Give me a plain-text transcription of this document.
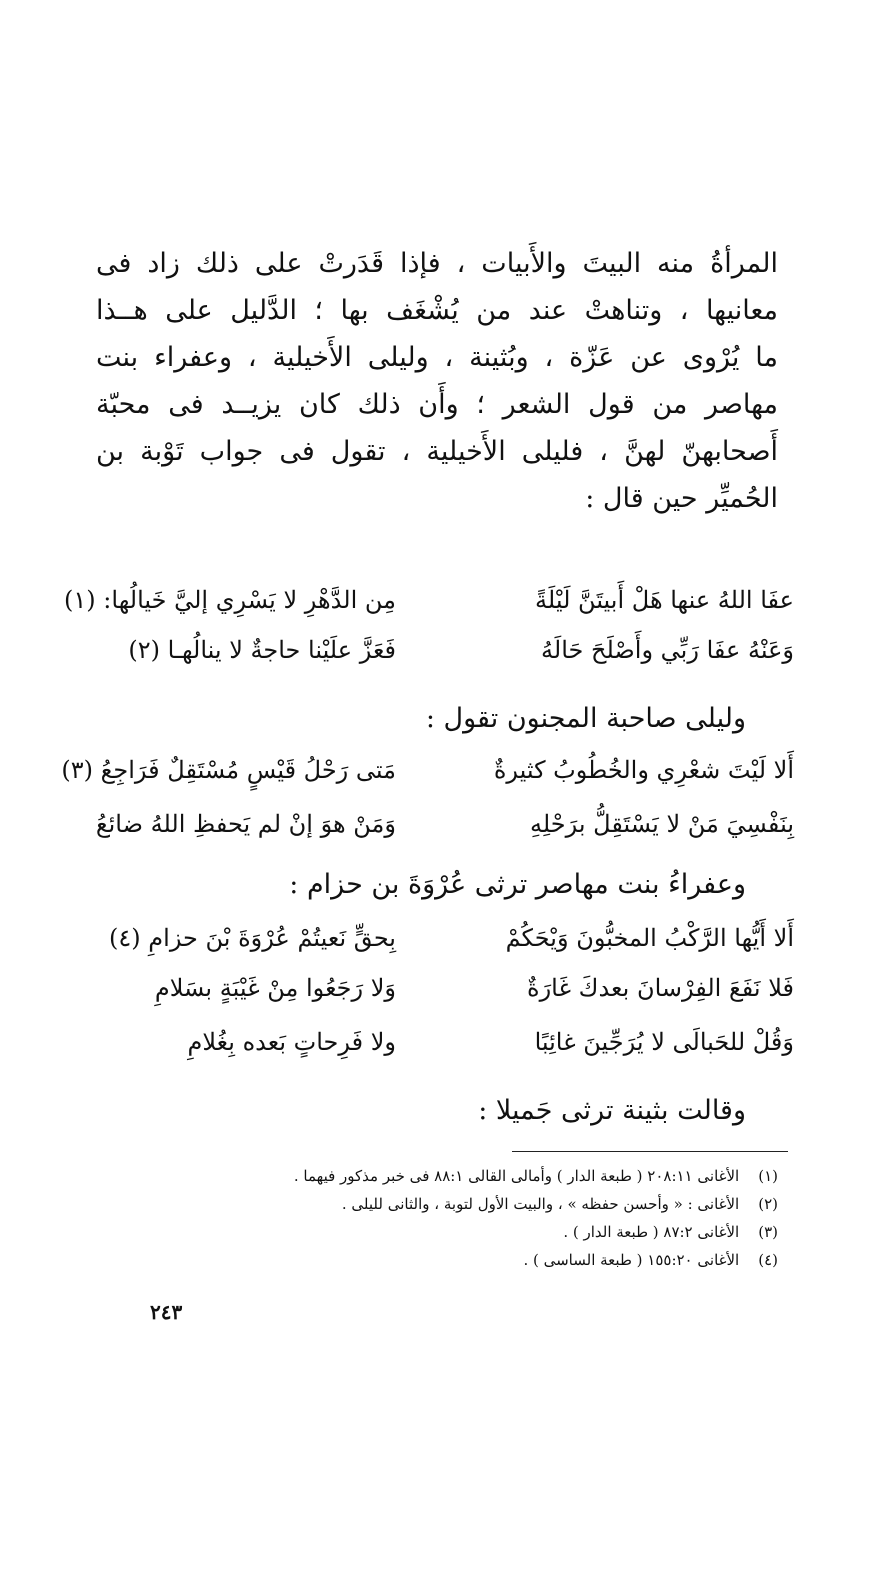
المرأةُ منه البيتَ والأَبيات ، فإذا قَدَرتْ على ذلك زاد فى
معانيها ، وتناهتْ عند من يُشْغَف بها ؛ الدَّليل على هــذا
ما يُرْوى عن عَزّة ، وبُثينة ، وليلى الأَخيلية ، وعفراء بنت
مهاصر من قول الشعر ؛ وأَن ذلك كان يزيــد فى محبّة
أَصحابهنّ لهنَّ ، فليلى الأَخيلية ، تقول فى جواب تَوْبة بن
الحُميِّر حين قال :
عفَا اللهُ عنها هَلْ أَبيتَنَّ لَيْلَةً
مِن الدَّهْرِ لا يَسْرِي إليَّ خَيالُها: (١)
وَعَنْهُ عفَا رَبِّي وأَصْلَحَ حَالَهُ
فَعَزَّ علَيْنا حاجةٌ لا ينالُهـا (٢)
وليلى صاحبة المجنون تقول :
أَلا لَيْتَ شعْرِي والخُطُوبُ كثيرةٌ
مَتى رَحْلُ قَيْسٍ مُسْتَقِلٌ فَرَاجِعُ (٣)
بِنَفْسِيَ مَنْ لا يَسْتَقِلُّ برَحْلِهِ
وَمَنْ هوَ إنْ لم يَحفظِ اللهُ ضائعُ
وعفراءُ بنت مهاصر ترثى عُرْوَةَ بن حزام :
أَلا أَيُّها الرَّكْبُ المخبُّونَ وَيْحَكُمْ
بِحقٍّ نَعيتُمْ عُرْوَةَ بْنَ حزامِ (٤)
فَلا نَفَعَ الفِرْسانَ بعدكَ غَارَةٌ
وَلا رَجَعُوا مِنْ غَيْبَةٍ بسَلامِ
وَقُلْ للحَبالَى لا يُرَجِّينَ غائِبًا
ولا فَرِحاتٍ بَعده بِغُلامِ
وقالت بثينة ترثى جَميلا :
(١) الأغانى ٢٠٨:١١ ( طبعة الدار ) وأمالى القالى ٨٨:١ فى خبر مذكور فيهما .
(٢) الأغانى : « وأحسن حفظه » ، والبيت الأول لتوبة ، والثانى لليلى .
(٣) الأغانى ٨٧:٢ ( طبعة الدار ) .
(٤) الأغانى ١٥٥:٢٠ ( طبعة الساسى ) .
٢٤٣
